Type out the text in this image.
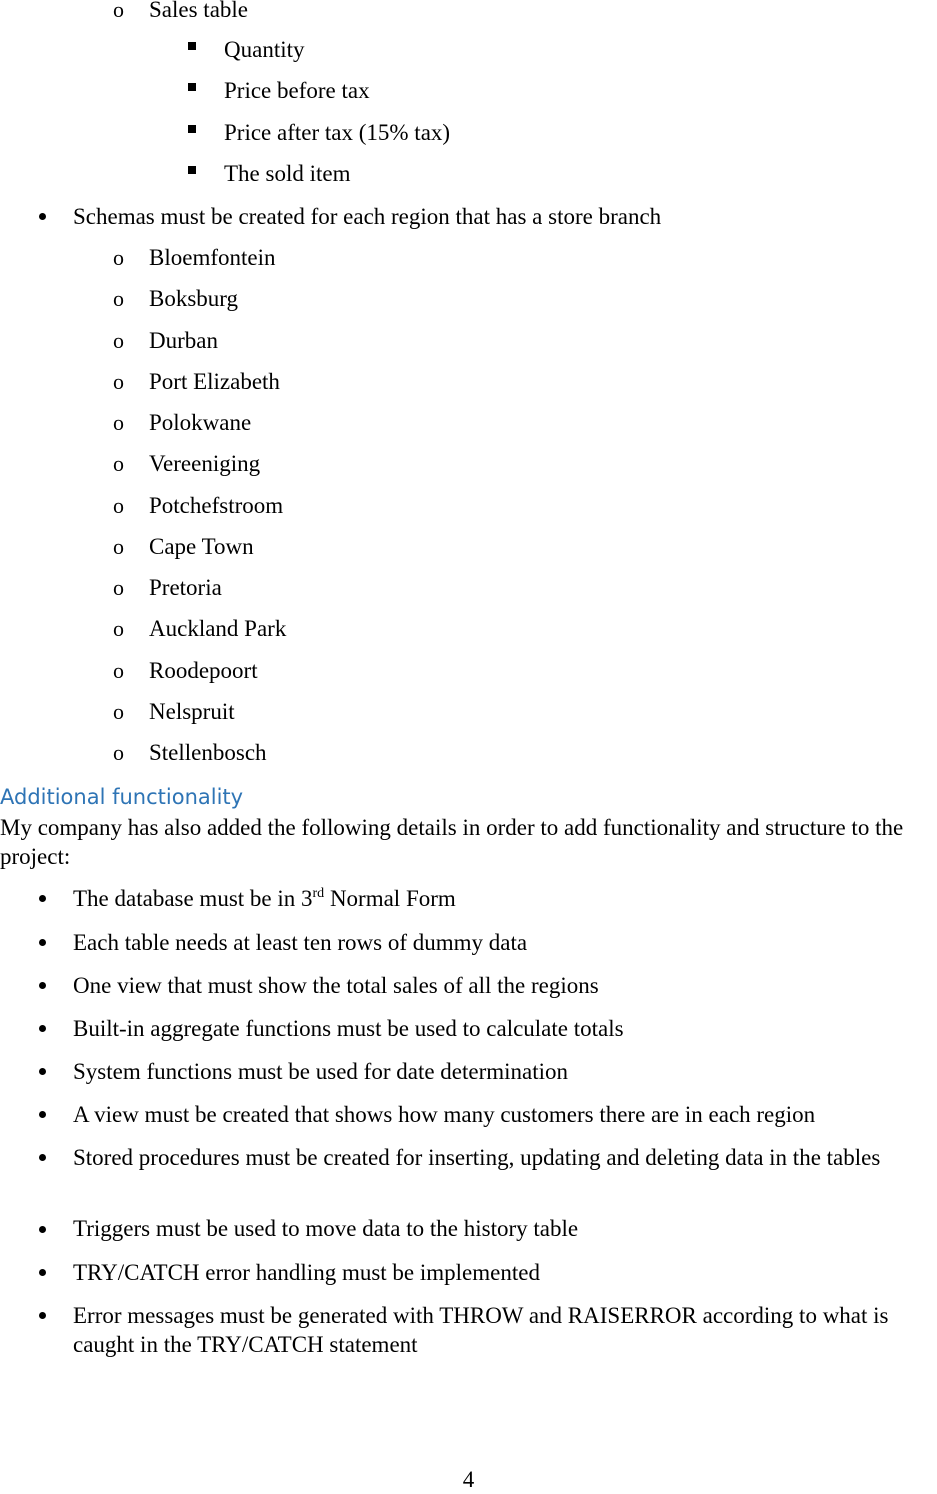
o Sales table
Quantity
Price before tax
Price after tax (15% tax)
The sold item
Schemas must be created for each region that has a store branch
o Bloemfontein
o Boksburg
o Durban
o Port Elizabeth
o Polokwane
o Vereeniging
o Potchefstroom
o Cape Town
o Pretoria
o Auckland Park
o Roodepoort
o Nelspruit
o Stellenbosch
Additional functionality
My company has also added the following details in order to add functionality and structure to the project:
The database must be in 3rd Normal Form
Each table needs at least ten rows of dummy data
One view that must show the total sales of all the regions
Built-in aggregate functions must be used to calculate totals
System functions must be used for date determination
A view must be created that shows how many customers there are in each region
Stored procedures must be created for inserting, updating and deleting data in the tables
Triggers must be used to move data to the history table
TRY/CATCH error handling must be implemented
Error messages must be generated with THROW and RAISERROR according to what is caught in the TRY/CATCH statement
4
